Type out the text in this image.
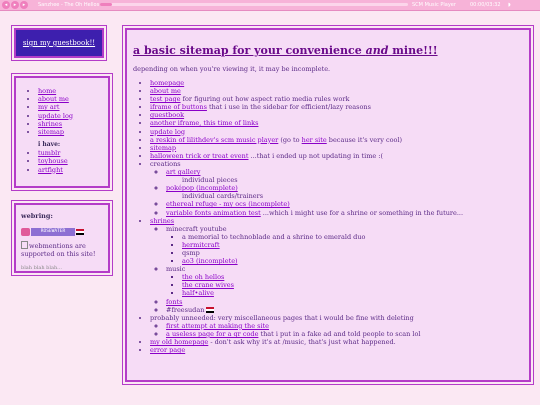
◂	▸	▸	Sanzhee - The Oh Hellos	SCM Music Player	00:00/03:32 ◗
sign my guestbook!!
• home
• about me
• my art
• update log
• shrines
• sitemap
i have:
• tumblr
• toyhouse
• artfight
webring:
ROSEWATER
webmentions are supported on this site!
blah blah blah...
a basic sitemap for your convenience and mine!!!
depending on when you're viewing it, it may be incomplete.
• homepage
• about me
• test page for figuring out how aspect ratio media rules work
• iframe of buttons that i use in the sidebar for efficient/lazy reasons
• guestbook
• another iframe, this time of links
• update log
• a reskin of lilithdev's scm music player (go to her site because it's very cool)
• sitemap
• halloween trick or treat event ...that i ended up not updating in time :(
• creations
◦ art gallery
individual pieces
◦ poképop (incomplete)
individual cards/trainers
◦ ethereal refuge - my ocs (incomplete)
◦ variable fonts animation test ...which i might use for a shrine or something in the future...
• shrines
◦ minecraft youtube
▪ a memorial to technoblade and a shrine to emerald duo
▪ hermitcraft
▪ qsmp
▪ ao3 (incomplete)
◦ music
▪ the oh hellos
▪ the crane wives
▪ half•alive
◦ fonts
◦ #freesudan
• probably unneeded: very miscellaneous pages that i would be fine with deleting
◦ first attempt at making the site
◦ a useless page for a qr code that i put in a fake ad and told people to scan lol
• my old homepage - don't ask why it's at /music, that's just what happened.
• error page
